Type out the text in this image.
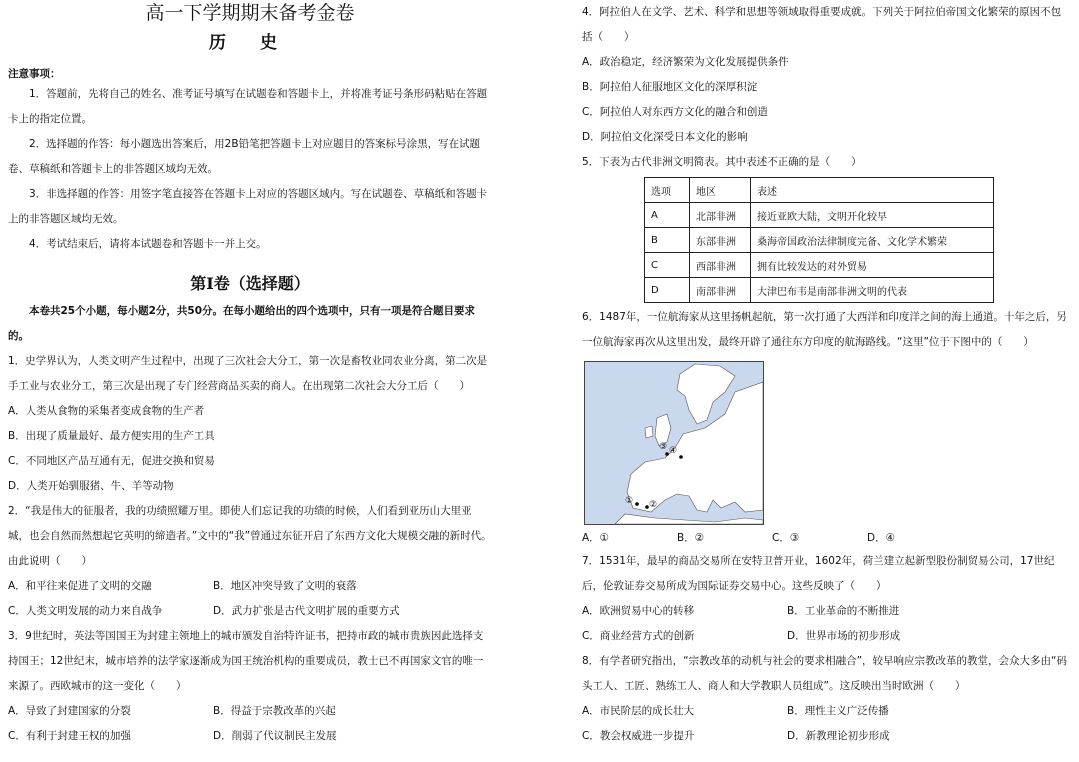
高一下学期期末备考金卷
历 史
注意事项：
1．答题前，先将自己的姓名、准考证号填写在试题卷和答题卡上，并将准考证号条形码粘贴在答题卡上的指定位置。
2．选择题的作答：每小题选出答案后，用2B铅笔把答题卡上对应题目的答案标号涂黑，写在试题卷、草稿纸和答题卡上的非答题区域均无效。
3．非选择题的作答：用签字笔直接答在答题卡上对应的答题区域内。写在试题卷、草稿纸和答题卡上的非答题区域均无效。
4．考试结束后，请将本试题卷和答题卡一并上交。
第Ⅰ卷（选择题）
本卷共25个小题，每小题2分，共50分。在每小题给出的四个选项中，只有一项是符合题目要求的。
1．史学界认为，人类文明产生过程中，出现了三次社会大分工，第一次是畜牧业同农业分离，第二次是手工业与农业分工，第三次是出现了专门经营商品买卖的商人。在出现第二次社会大分工后（　　）
A．人类从食物的采集者变成食物的生产者
B．出现了质量最好、最方便实用的生产工具
C．不同地区产品互通有无，促进交换和贸易
D．人类开始驯服猪、牛、羊等动物
2．“我是伟大的征服者，我的功绩照耀万里。即使人们忘记我的功绩的时候，人们看到亚历山大里亚城，也会自然而然想起它英明的缔造者。”文中的“我”曾通过东征开启了东西方文化大规模交融的新时代。由此说明（　　）
A．和平往来促进了文明的交融	B．地区冲突导致了文明的衰落
C．人类文明发展的动力来自战争	D．武力扩张是古代文明扩展的重要方式
3．9世纪时，英法等国国王为封建主领地上的城市颁发自治特许证书，把持市政的城市贵族因此选择支持国王；12世纪末，城市培养的法学家逐渐成为国王统治机构的重要成员，教士已不再国家文官的唯一来源了。西欧城市的这一变化（　　）
A．导致了封建国家的分裂	B．得益于宗教改革的兴起
C．有利于封建王权的加强	D．削弱了代议制民主发展
4．阿拉伯人在文学、艺术、科学和思想等领域取得重要成就。下列关于阿拉伯帝国文化繁荣的原因不包括（　　）
A．政治稳定，经济繁荣为文化发展提供条件
B．阿拉伯人征服地区文化的深厚积淀
C．阿拉伯人对东西方文化的融合和创造
D．阿拉伯文化深受日本文化的影响
5．下表为古代非洲文明简表。其中表述不正确的是（　　）
选项	地区	表述
A	北部非洲	接近亚欧大陆，文明开化较早
B	东部非洲	桑海帝国政治法律制度完备、文化学术繁荣
C	西部非洲	拥有比较发达的对外贸易
D	南部非洲	大津巴布韦是南部非洲文明的代表
6．1487年，一位航海家从这里扬帆起航，第一次打通了大西洋和印度洋之间的海上通道。十年之后，另一位航海家再次从这里出发，最终开辟了通往东方印度的航海路线。“这里”位于下图中的（　　）
④
③
① ②
A．①	B．②	C．③	D．④
7．1531年，最早的商品交易所在安特卫普开业，1602年，荷兰建立起新型股份制贸易公司，17世纪后，伦敦证券交易所成为国际证券交易中心。这些反映了（　　）
A．欧洲贸易中心的转移	B．工业革命的不断推进
C．商业经营方式的创新	D．世界市场的初步形成
8．有学者研究指出，“宗教改革的动机与社会的要求相融合”，较早响应宗教改革的教堂，会众大多由“码头工人、工匠、熟练工人、商人和大学教职人员组成”。这反映出当时欧洲（　　）
A．市民阶层的成长壮大	B．理性主义广泛传播
C．教会权威进一步提升	D．新教理论初步形成
